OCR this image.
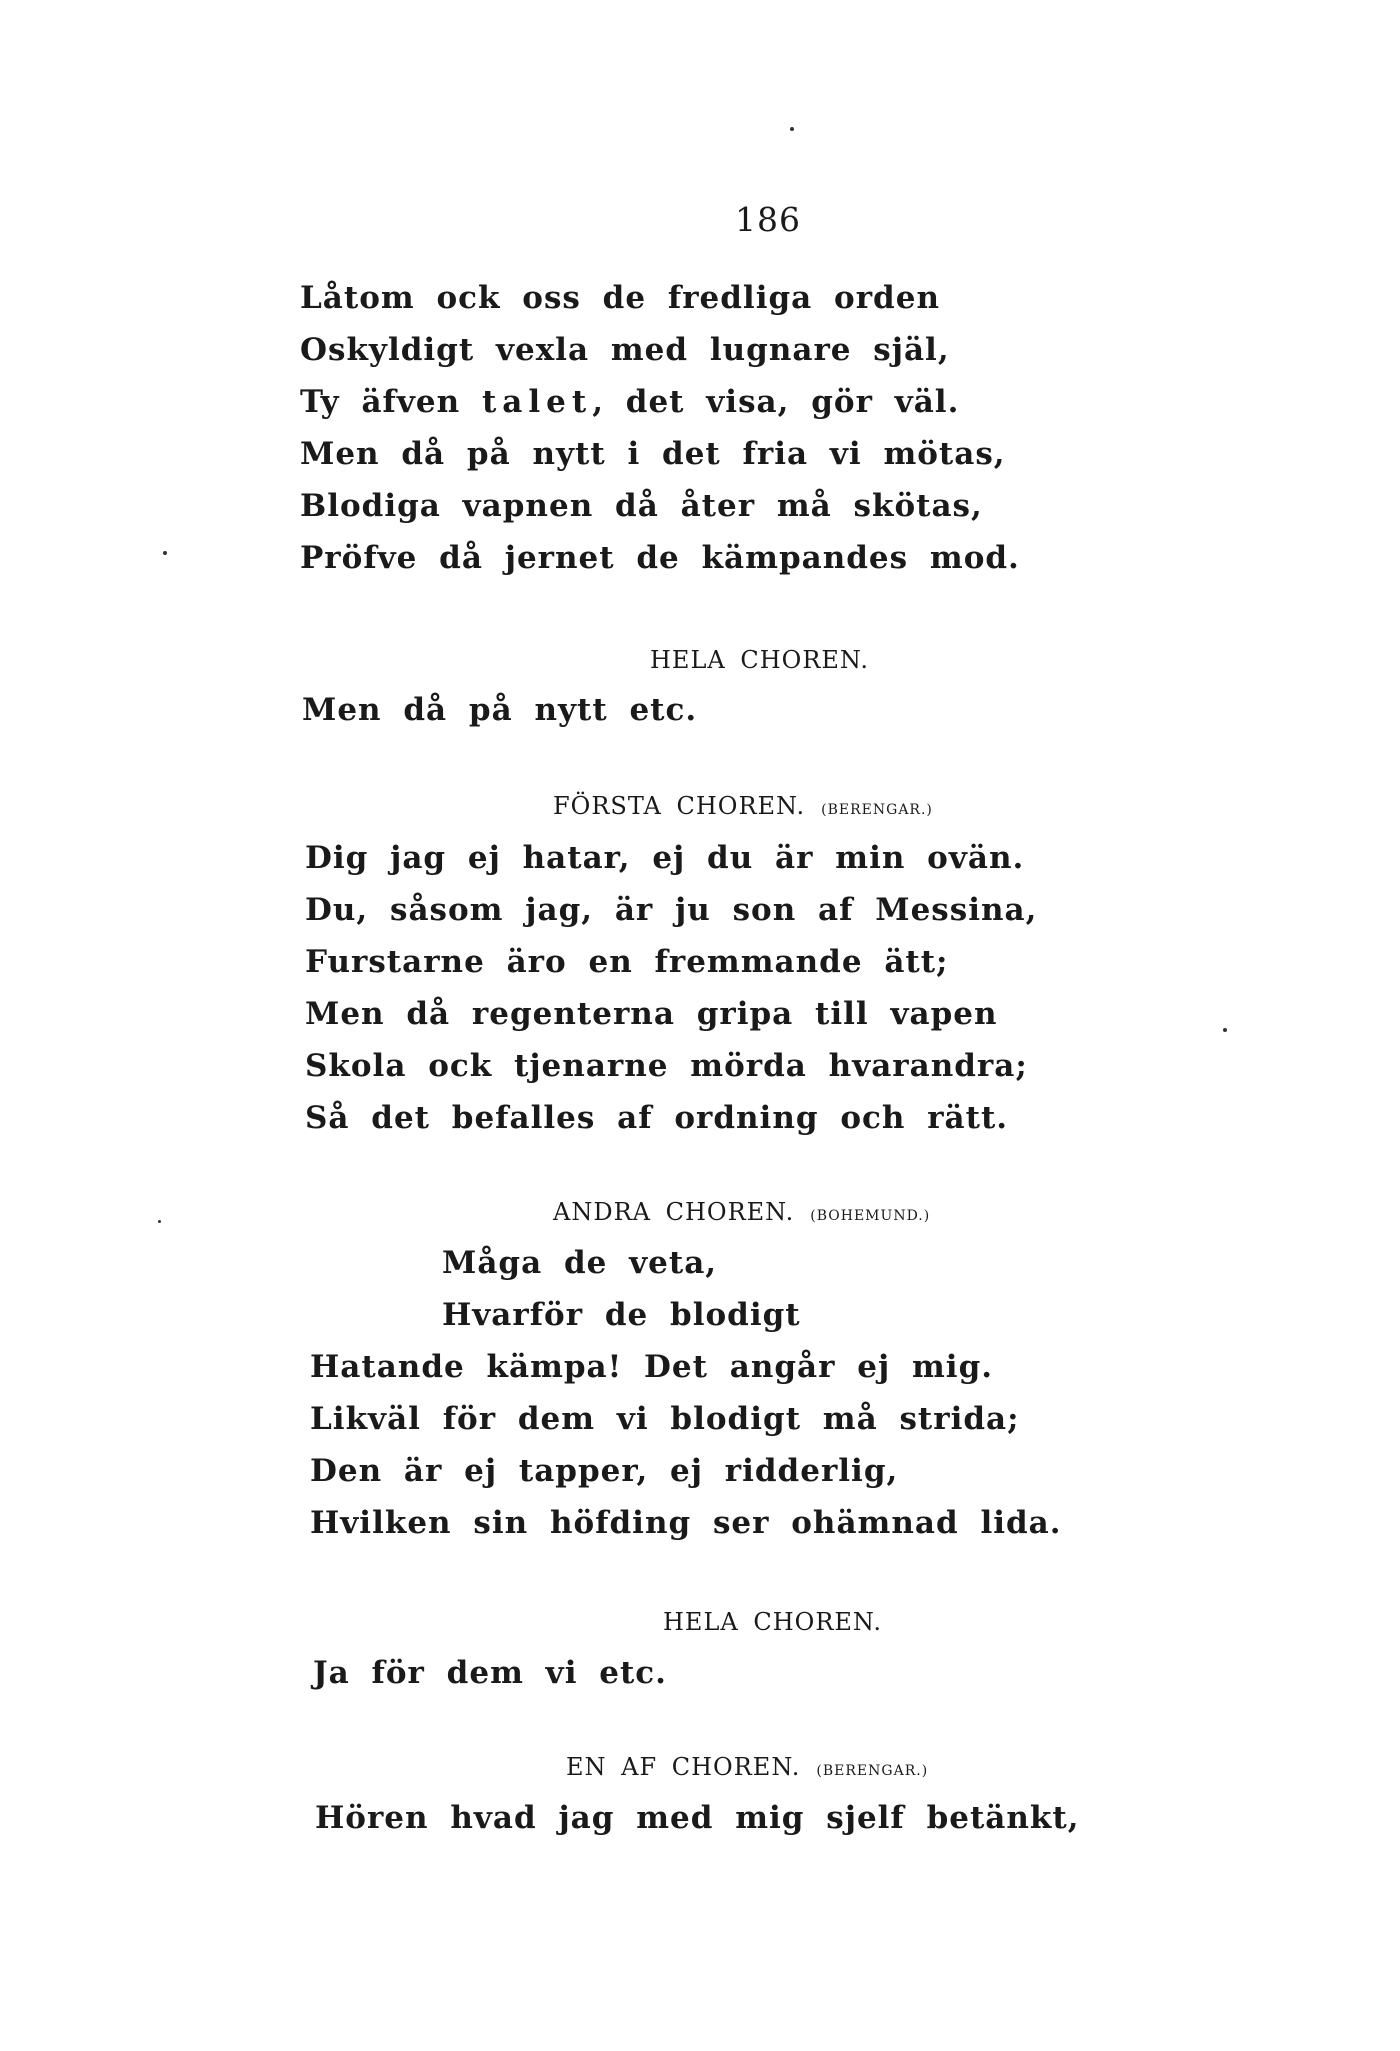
186
Låtom ock oss de fredliga orden
Oskyldigt vexla med lugnare själ,
Ty äfven talet, det visa, gör väl.
Men då på nytt i det fria vi mötas,
Blodiga vapnen då åter må skötas,
Pröfve då jernet de kämpandes mod.
HELA CHOREN.
Men då på nytt etc.
FÖRSTA CHOREN. (BERENGAR.)
Dig jag ej hatar, ej du är min ovän.
Du, såsom jag, är ju son af Messina,
Furstarne äro en fremmande ätt;
Men då regenterna gripa till vapen
Skola ock tjenarne mörda hvarandra;
Så det befalles af ordning och rätt.
ANDRA CHOREN. (BOHEMUND.)
Måga de veta,
Hvarför de blodigt
Hatande kämpa! Det angår ej mig.
Likväl för dem vi blodigt må strida;
Den är ej tapper, ej ridderlig,
Hvilken sin höfding ser ohämnad lida.
HELA CHOREN.
Ja för dem vi etc.
EN AF CHOREN. (BERENGAR.)
Hören hvad jag med mig sjelf betänkt,
